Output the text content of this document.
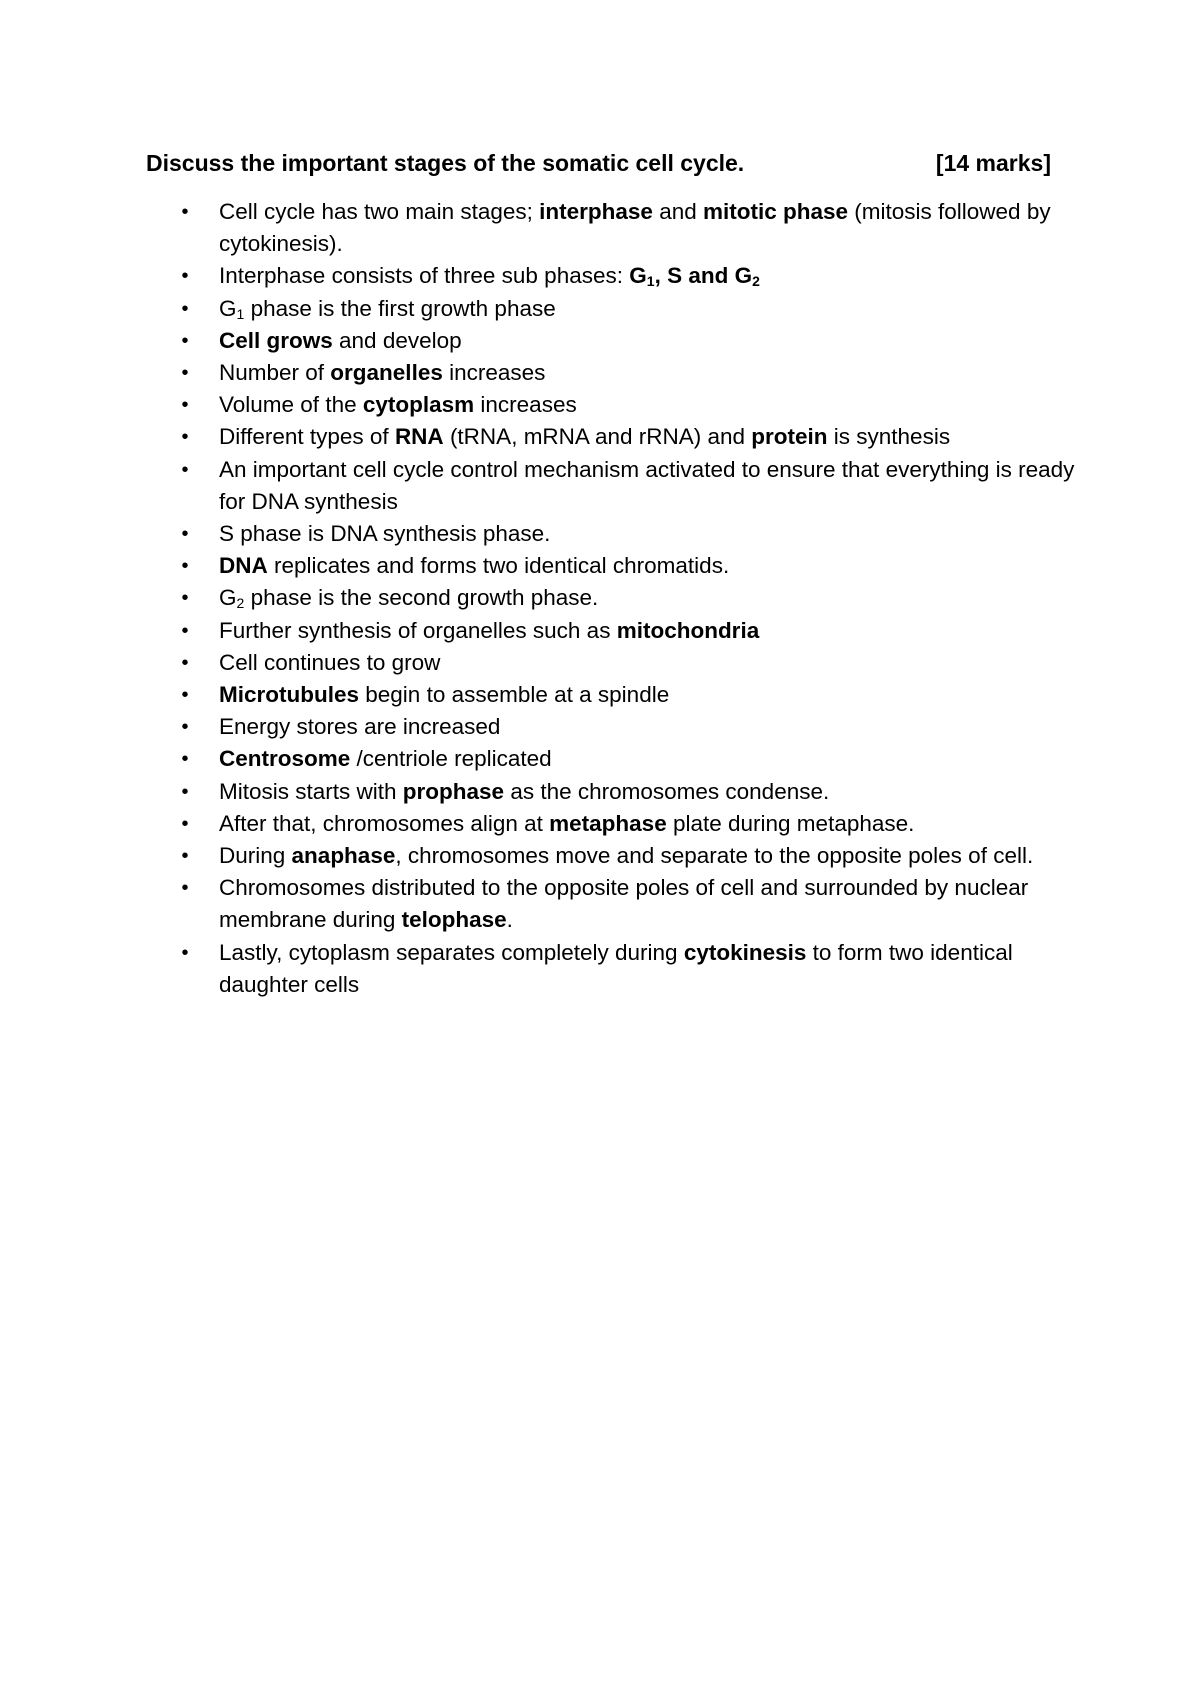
Discuss the important stages of the somatic cell cycle.	[14 marks]
• Cell cycle has two main stages; interphase and mitotic phase (mitosis followed by cytokinesis).
• Interphase consists of three sub phases: $G_1$, S and $G_2$
• $G_1$ phase is the first growth phase
• Cell grows and develop
• Number of organelles increases
• Volume of the cytoplasm increases
• Different types of RNA (tRNA, mRNA and rRNA) and protein is synthesis
• An important cell cycle control mechanism activated to ensure that everything is ready for DNA synthesis
• S phase is DNA synthesis phase.
• DNA replicates and forms two identical chromatids.
• $G_2$ phase is the second growth phase.
• Further synthesis of organelles such as mitochondria
• Cell continues to grow
• Microtubules begin to assemble at a spindle
• Energy stores are increased
• Centrosome /centriole replicated
• Mitosis starts with prophase as the chromosomes condense.
• After that, chromosomes align at metaphase plate during metaphase.
• During anaphase, chromosomes move and separate to the opposite poles of cell.
• Chromosomes distributed to the opposite poles of cell and surrounded by nuclear membrane during telophase.
• Lastly, cytoplasm separates completely during cytokinesis to form two identical daughter cells
